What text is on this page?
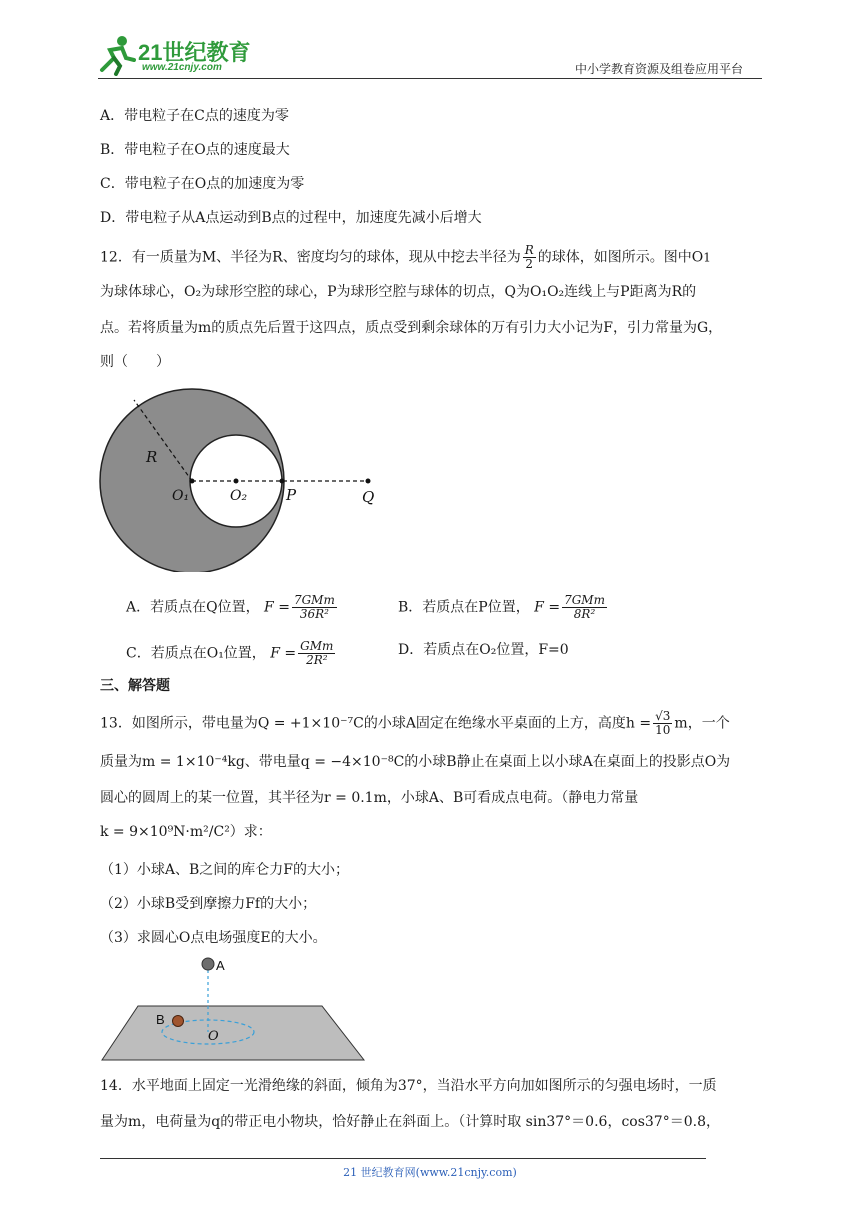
21世纪教育
www.21cnjy.com	中小学教育资源及组卷应用平台
A．带电粒子在C点的速度为零
B．带电粒子在O点的速度最大
C．带电粒子在O点的加速度为零
D．带电粒子从A点运动到B点的过程中，加速度先减小后增大
12．有一质量为M、半径为R、密度均匀的球体，现从中挖去半径为 $\frac{R}{2}$ 的球体，如图所示。图中O1
为球体球心，O₂为球形空腔的球心，P为球形空腔与球体的切点，Q为O₁O₂连线上与P距离为R的
点。若将质量为m的质点先后置于这四点，质点受到剩余球体的万有引力大小记为F，引力常量为G，
则（　　）
R
O₁	O₂	P	Q
A．若质点在Q位置， $F = \frac{\text{7GMm}}{\text{36R²}}$	B．若质点在P位置， $F = \frac{\text{7GMm}}{\text{8R²}}$
C．若质点在O₁位置， $F = \frac{\text{GMm}}{\text{2R²}}$	D．若质点在O₂位置，F=0
三、解答题
13．如图所示，带电量为Q = +1×10⁻⁷C的小球A固定在绝缘水平桌面的上方，高度$h = \frac{√3}{10}$ m，一个
质量为m = 1×10⁻⁴kg、带电量q = −4×10⁻⁸C的小球B静止在桌面上以小球A在桌面上的投影点O为
圆心的圆周上的某一位置，其半径为r = 0.1m，小球A、B可看成点电荷。（静电力常量
k = 9×10⁹N·m²/C²）求：
（1）小球A、B之间的库仑力F的大小；
（2）小球B受到摩擦力Ff的大小；
（3）求圆心O点电场强度E的大小。
A
B
O
14．水平地面上固定一光滑绝缘的斜面，倾角为37°，当沿水平方向加如图所示的匀强电场时，一质
量为m，电荷量为q的带正电小物块，恰好静止在斜面上。（计算时取 sin37°＝0.6，cos37°＝0.8，
21 世纪教育网(www.21cnjy.com)
